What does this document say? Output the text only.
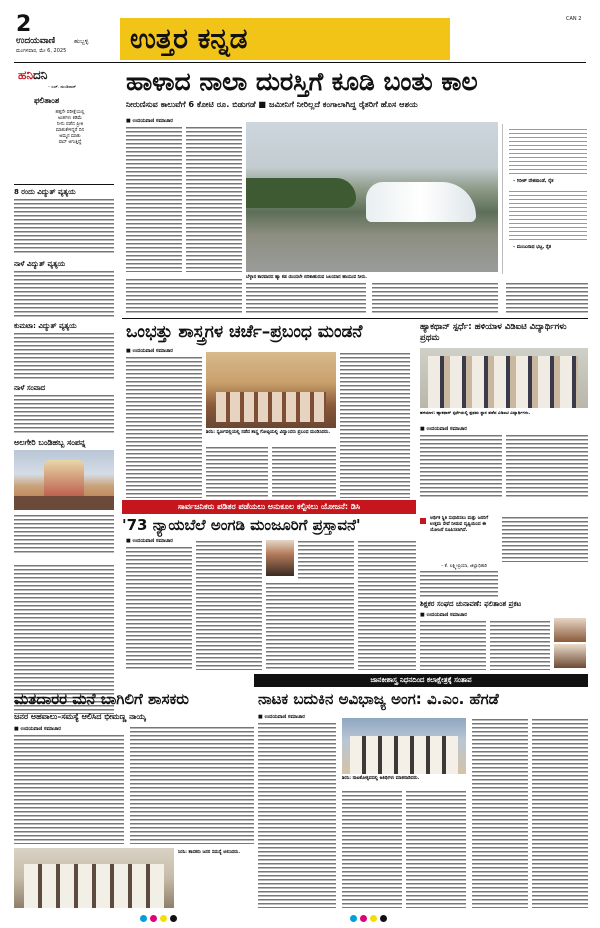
2
ಉದಯವಾಣಿ	ಹುಬ್ಬಳ್ಳಿ
ಮಂಗಳವಾರ, ಮೇ 6, 2025	ಉತ್ತರ ಕನ್ನಡ
CAN 2
ಹನಿದನಿ
– ಎಚ್. ಡುಂಡಿರಾಜ್
ಫಲಿತಾಂಶ
ಹತ್ತನೇ ಪರೀಕ್ಷೆಯಲ್ಲಿ
ಅಂಕಗಳು ಕಡಿಮೆ
ನೀನು ಪಡೆದ ಪ್ರೀತಿ
ಮಾತುಕೇಳಿದ್ದರೆ ದಿನ
ಅಮ್ಮನ ಮಾತು
ಪಾಸ್ ಆಗುತ್ತಿದ್ದೆ
8 ರಂದು ವಿದ್ಯುತ್ ವ್ಯತ್ಯಯ
ನಾಳೆ ವಿದ್ಯುತ್ ವ್ಯತ್ಯಯ
ಕುಮಟಾ: ವಿದ್ಯುತ್ ವ್ಯತ್ಯಯ
ನಾಳೆ ಸಂವಾದ
ಅಲಗೇರಿ ಬಂಡಿಹಬ್ಬ ಸಂಪನ್ನ
ಹಾಳಾದ ನಾಲಾ ದುರಸ್ತಿಗೆ ಕೂಡಿ ಬಂತು ಕಾಲ
ನೀರುಣಿಸುವ ಕಾಲುವೆಗೆ 6 ಕೋಟಿ ರೂ. ಬಿಡುಗಡೆ ■ ಜಮೀನಿಗೆ ನೀರಿಲ್ಲದೆ ಕಂಗಾಲಾಗಿದ್ದ ರೈತರಿಗೆ ಹೊಸ ಆಶಯ
■ ಉದಯವಾಣಿ ಸಮಾಚಾರ
ಬೆಳ್ಳಾನ ಕಾರವಾರದ ಹ್ಯಾ ಕಡ ಯಿಂದಲೇ ಬಿರಿಕಾಹುರುವ ಜಲಯಾನ ಹಾಯುವ ನೀರು.
– ಗಿರೀಶ್ ದೇಶಪಾಂಡೆ, ರೈತ
– ಮಂಜುನಾಥ ಭಟ್ಟ, ರೈತ
ಒಂಭತ್ತು ಶಾಸ್ತ್ರಗಳ ಚರ್ಚೆ–ಪ್ರಬಂಧ ಮಂಡನೆ
■ ಉದಯವಾಣಿ ಸಮಾಚಾರ
ಶಿರಸಿ: ಸ್ವರ್ಣವಲ್ಲಿಯಲ್ಲಿ ನಡೆದ ಶಾಸ್ತ್ರ ಗೋಷ್ಠಿಯಲ್ಲಿ ವಿದ್ವಾಂಸರು ಪ್ರಬಂಧ ಮಂಡಿಸಿದರು.
ಹ್ಯಾಕಥಾನ್ ಸ್ಪರ್ಧೆ: ಹಳಿಯಾಳ ವಿಡಿಐಟಿ ವಿದ್ಯಾರ್ಥಿಗಳು ಪ್ರಥಮ
ಹಳಿಯಾಳ: ಹ್ಯಾಕಥಾನ್ ಸ್ಪರ್ಧೆಯಲ್ಲಿ ಪ್ರಥಮ ಸ್ಥಾನ ಪಡೆದ ವಿಡಿಐಟಿ ವಿದ್ಯಾರ್ಥಿಗಳು.
■ ಉದಯವಾಣಿ ಸಮಾಚಾರ
ಸಾರ್ವಜನಿಕರು ಪಡಿತರ ಪಡೆಯಲು ಅನುಕೂಲ ಕಲ್ಪಿಸಲು ಯೋಜನೆ: ಡಿಸಿ
'73 ನ್ಯಾಯಬೆಲೆ ಅಂಗಡಿ ಮಂಜೂರಿಗೆ ಪ್ರಸ್ತಾವನೆ'
■ ಉದಯವಾಣಿ ಸಮಾಚಾರ
ಆರ್ಥಿಕ ಸ್ಥಿತಿ ಸುಧಾರಿಸಲು ಮತ್ತು ಜನರಿಗೆ ಉತ್ತಮ ಸೇವೆ ನೀಡುವ ದೃಷ್ಟಿಯಿಂದ ಈ ಯೋಜನೆ ರೂಪಿಸಲಾಗಿದೆ.
– ಕೆ. ಲಕ್ಷ್ಮೀಪ್ರಿಯಾ, ಜಿಲ್ಲಾಧಿಕಾರಿ
ಶಿಕ್ಷಕರ ಸಂಘದ ಚುನಾವಣೆ: ಫಲಿತಾಂಶ ಪ್ರಕಟ
■ ಉದಯವಾಣಿ ಸಮಾಚಾರ
ಜಾನಕೀಶಾಸ್ತ್ರ ನಿಧನದಿಂದ ಕಲಾಕ್ಷೇತ್ರಕ್ಕೆ ಸಂತಾಪ
ಮತದಾರರ ಮನೆ ಬಾಗಿಲಿಗೆ ಶಾಸಕರು
ಜನರ ಅಹವಾಲು–ಸಮಸ್ಯೆ ಆಲಿಸಿದ ಭೀಮಣ್ಣ ನಾಯ್ಕ
■ ಉದಯವಾಣಿ ಸಮಾಚಾರ
ಸಿರಸಿ: ಶಾಸಕರು ಜನರ ಸಮಸ್ಯೆ ಆಲಿಸಿದರು.
ನಾಟಕ ಬದುಕಿನ ಅವಿಭಾಜ್ಯ ಅಂಗ: ವಿ.ಎಂ. ಹೆಗಡೆ
■ ಉದಯವಾಣಿ ಸಮಾಚಾರ
ಶಿರಸಿ: ನಾಟಕೋತ್ಸವದಲ್ಲಿ ಅತಿಥಿಗಳು ಮಾತನಾಡಿದರು.
